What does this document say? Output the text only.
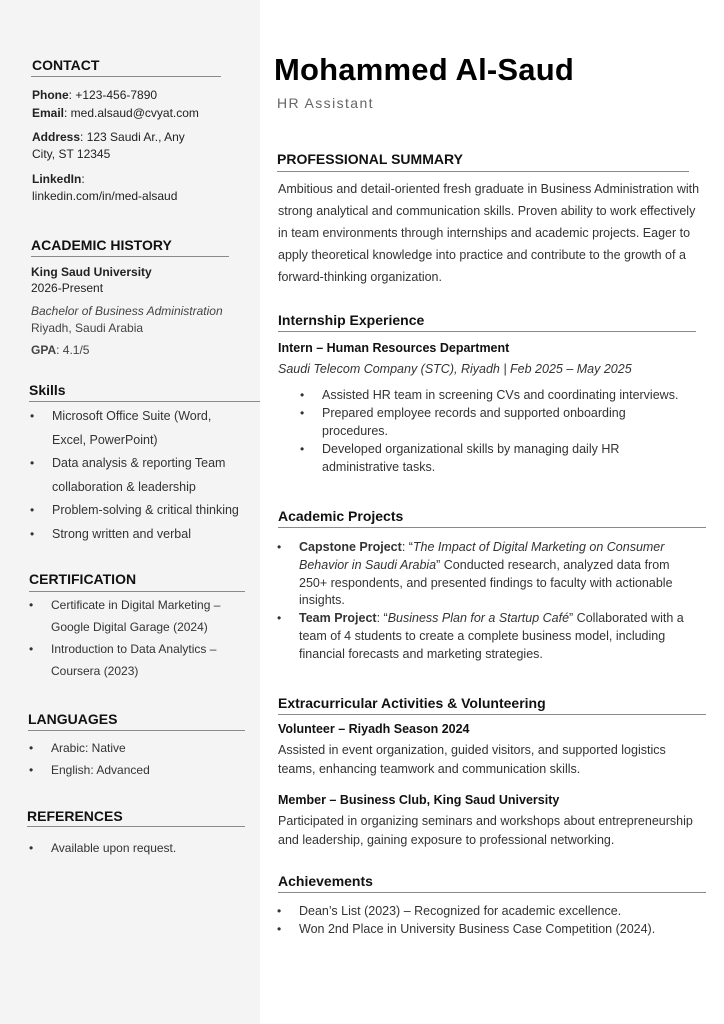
CONTACT
Phone: +123-456-7890
Email: med.alsaud@cvyat.com
Address: 123 Saudi Ar., Any
City, ST 12345
LinkedIn:
linkedin.com/in/med-alsaud
ACADEMIC HISTORY
King Saud University
2026-Present
Bachelor of Business Administration
Riyadh, Saudi Arabia
GPA: 4.1/5
Skills
• Microsoft Office Suite (Word,
Excel, PowerPoint)
• Data analysis & reporting Team
collaboration & leadership
• Problem-solving & critical thinking
• Strong written and verbal
CERTIFICATION
• Certificate in Digital Marketing –
Google Digital Garage (2024)
• Introduction to Data Analytics –
Coursera (2023)
LANGUAGES
• Arabic: Native
• English: Advanced
REFERENCES
• Available upon request.
Mohammed Al-Saud
HR Assistant
PROFESSIONAL SUMMARY
Ambitious and detail-oriented fresh graduate in Business Administration with
strong analytical and communication skills. Proven ability to work effectively
in team environments through internships and academic projects. Eager to
apply theoretical knowledge into practice and contribute to the growth of a
forward-thinking organization.
Internship Experience
Intern – Human Resources Department
Saudi Telecom Company (STC), Riyadh | Feb 2025 – May 2025
• Assisted HR team in screening CVs and coordinating interviews.
• Prepared employee records and supported onboarding
procedures.
• Developed organizational skills by managing daily HR
administrative tasks.
Academic Projects
• Capstone Project: “The Impact of Digital Marketing on Consumer
Behavior in Saudi Arabia” Conducted research, analyzed data from
250+ respondents, and presented findings to faculty with actionable
insights.
• Team Project: “Business Plan for a Startup Café” Collaborated with a
team of 4 students to create a complete business model, including
financial forecasts and marketing strategies.
Extracurricular Activities & Volunteering
Volunteer – Riyadh Season 2024
Assisted in event organization, guided visitors, and supported logistics
teams, enhancing teamwork and communication skills.
Member – Business Club, King Saud University
Participated in organizing seminars and workshops about entrepreneurship
and leadership, gaining exposure to professional networking.
Achievements
• Dean’s List (2023) – Recognized for academic excellence.
• Won 2nd Place in University Business Case Competition (2024).
